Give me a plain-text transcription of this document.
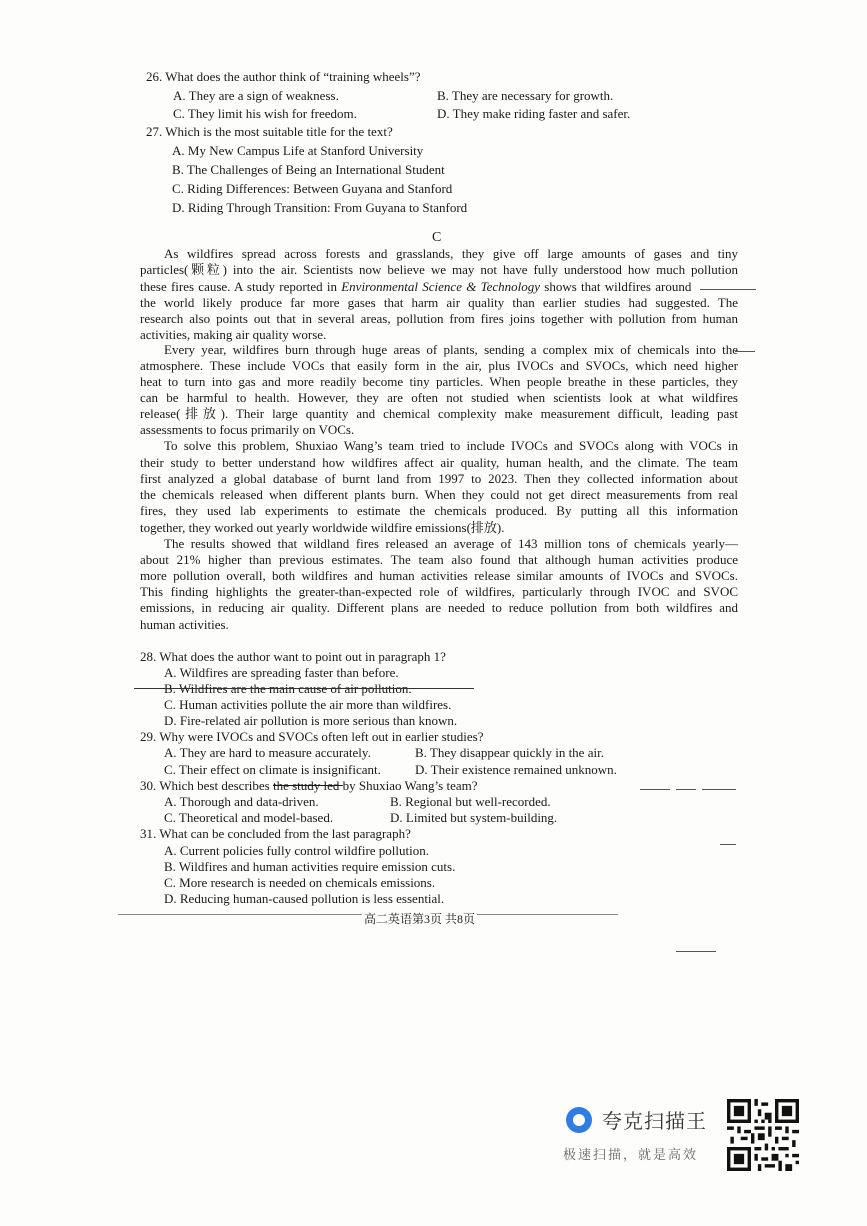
26. What does the author think of “training wheels”?
A. They are a sign of weakness.	B. They are necessary for growth.
C. They limit his wish for freedom.	D. They make riding faster and safer.
27. Which is the most suitable title for the text?
A. My New Campus Life at Stanford University
B. The Challenges of Being an International Student
C. Riding Differences: Between Guyana and Stanford
D. Riding Through Transition: From Guyana to Stanford
C
As wildfires spread across forests and grasslands, they give off large amounts of gases and tiny
particles(颗粒) into the air. Scientists now believe we may not have fully understood how much pollution
these fires cause. A study reported in Environmental Science & Technology shows that wildfires around
the world likely produce far more gases that harm air quality than earlier studies had suggested. The
research also points out that in several areas, pollution from fires joins together with pollution from human
activities, making air quality worse.
Every year, wildfires burn through huge areas of plants, sending a complex mix of chemicals into the
atmosphere. These include VOCs that easily form in the air, plus IVOCs and SVOCs, which need higher
heat to turn into gas and more readily become tiny particles. When people breathe in these particles, they
can be harmful to health. However, they are often not studied when scientists look at what wildfires
release(排放). Their large quantity and chemical complexity make measurement difficult, leading past
assessments to focus primarily on VOCs.
To solve this problem, Shuxiao Wang’s team tried to include IVOCs and SVOCs along with VOCs in
their study to better understand how wildfires affect air quality, human health, and the climate. The team
first analyzed a global database of burnt land from 1997 to 2023. Then they collected information about
the chemicals released when different plants burn. When they could not get direct measurements from real
fires, they used lab experiments to estimate the chemicals produced. By putting all this information
together, they worked out yearly worldwide wildfire emissions(排放).
The results showed that wildland fires released an average of 143 million tons of chemicals yearly—
about 21% higher than previous estimates. The team also found that although human activities produce
more pollution overall, both wildfires and human activities release similar amounts of IVOCs and SVOCs.
This finding highlights the greater-than-expected role of wildfires, particularly through IVOC and SVOC
emissions, in reducing air quality. Different plans are needed to reduce pollution from both wildfires and
human activities.
28. What does the author want to point out in paragraph 1?
A. Wildfires are spreading faster than before.
B. Wildfires are the main cause of air pollution.
C. Human activities pollute the air more than wildfires.
D. Fire-related air pollution is more serious than known.
29. Why were IVOCs and SVOCs often left out in earlier studies?
A. They are hard to measure accurately.	B. They disappear quickly in the air.
C. Their effect on climate is insignificant.	D. Their existence remained unknown.
30. Which best describes the study led by Shuxiao Wang’s team?
A. Thorough and data-driven.	B. Regional but well-recorded.
C. Theoretical and model-based.	D. Limited but system-building.
31. What can be concluded from the last paragraph?
A. Current policies fully control wildfire pollution.
B. Wildfires and human activities require emission cuts.
C. More research is needed on chemicals emissions.
D. Reducing human-caused pollution is less essential.
高二英语第3页 共8页
夸克扫描王
极速扫描，就是高效
